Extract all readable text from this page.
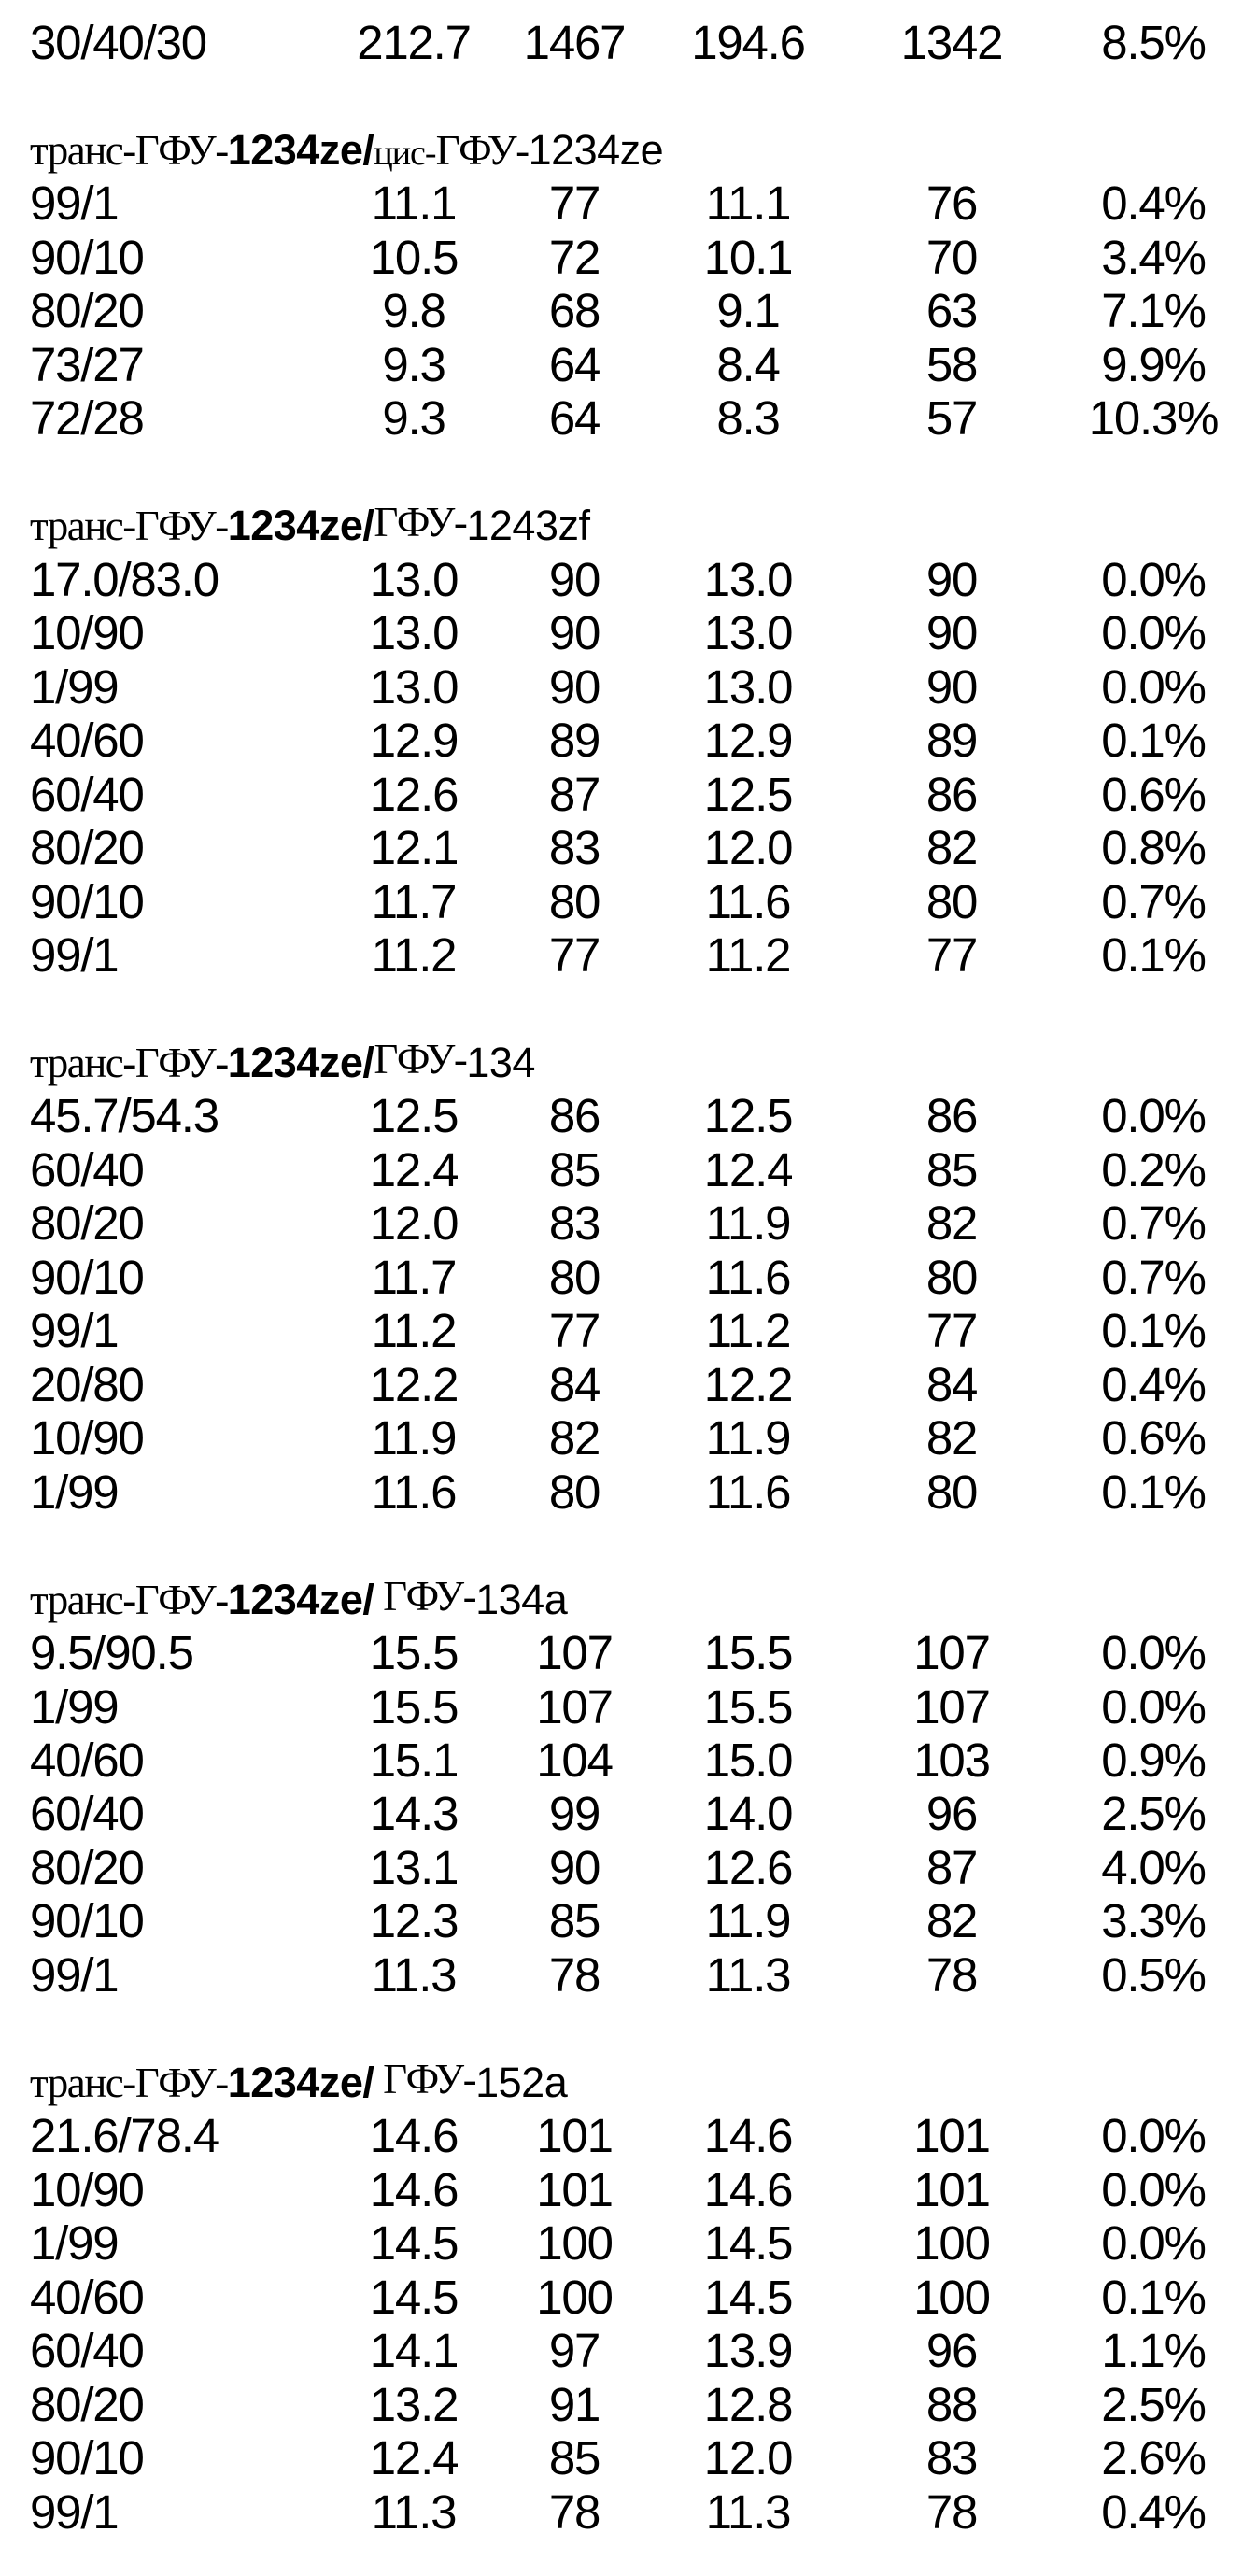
30/40/30	212.7	1467	194.6	1342	8.5%
транс-ГФУ-1234ze/цис-ГФУ-1234ze
99/1	11.1	77	11.1	76	0.4%
90/10	10.5	72	10.1	70	3.4%
80/20	9.8	68	9.1	63	7.1%
73/27	9.3	64	8.4	58	9.9%
72/28	9.3	64	8.3	57	10.3%
транс-ГФУ-1234ze/ГФУ-1243zf
17.0/83.0	13.0	90	13.0	90	0.0%
10/90	13.0	90	13.0	90	0.0%
1/99	13.0	90	13.0	90	0.0%
40/60	12.9	89	12.9	89	0.1%
60/40	12.6	87	12.5	86	0.6%
80/20	12.1	83	12.0	82	0.8%
90/10	11.7	80	11.6	80	0.7%
99/1	11.2	77	11.2	77	0.1%
транс-ГФУ-1234ze/ГФУ-134
45.7/54.3	12.5	86	12.5	86	0.0%
60/40	12.4	85	12.4	85	0.2%
80/20	12.0	83	11.9	82	0.7%
90/10	11.7	80	11.6	80	0.7%
99/1	11.2	77	11.2	77	0.1%
20/80	12.2	84	12.2	84	0.4%
10/90	11.9	82	11.9	82	0.6%
1/99	11.6	80	11.6	80	0.1%
транс-ГФУ-1234ze/ ГФУ-134a
9.5/90.5	15.5	107	15.5	107	0.0%
1/99	15.5	107	15.5	107	0.0%
40/60	15.1	104	15.0	103	0.9%
60/40	14.3	99	14.0	96	2.5%
80/20	13.1	90	12.6	87	4.0%
90/10	12.3	85	11.9	82	3.3%
99/1	11.3	78	11.3	78	0.5%
транс-ГФУ-1234ze/ ГФУ-152a
21.6/78.4	14.6	101	14.6	101	0.0%
10/90	14.6	101	14.6	101	0.0%
1/99	14.5	100	14.5	100	0.0%
40/60	14.5	100	14.5	100	0.1%
60/40	14.1	97	13.9	96	1.1%
80/20	13.2	91	12.8	88	2.5%
90/10	12.4	85	12.0	83	2.6%
99/1	11.3	78	11.3	78	0.4%
